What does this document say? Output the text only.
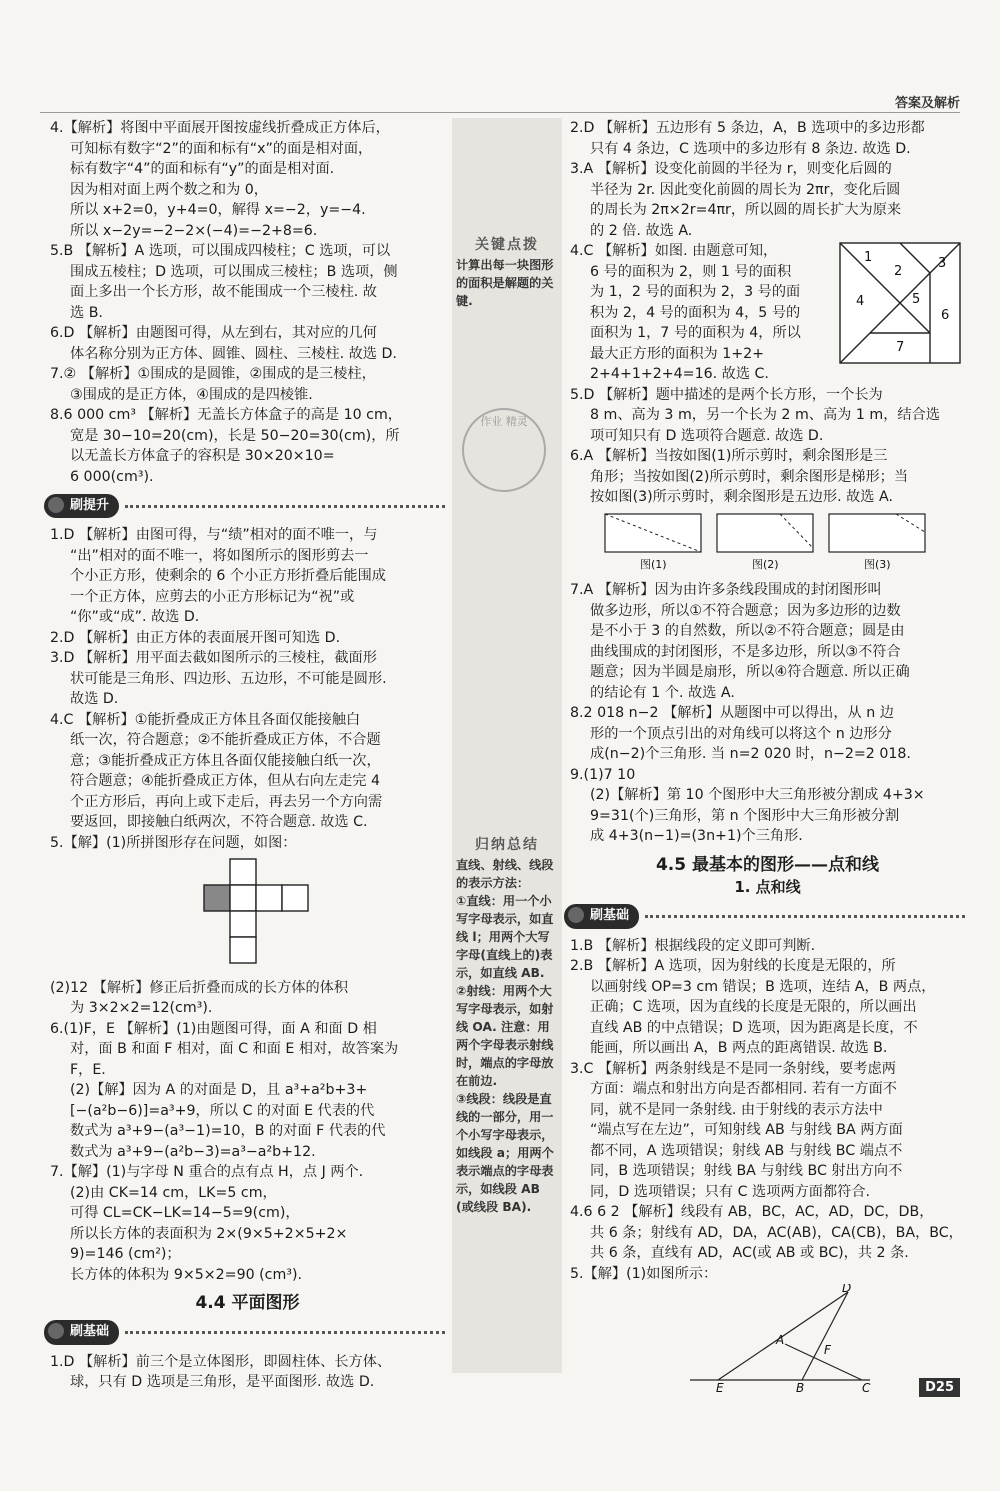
答案及解析
4.【解析】将图中平面展开图按虚线折叠成正方体后，
可知标有数字“2”的面和标有“x”的面是相对面，
标有数字“4”的面和标有“y”的面是相对面.
因为相对面上两个数之和为 0，
所以 x+2=0，y+4=0，解得 x=−2，y=−4.
所以 x−2y=−2−2×(−4)=−2+8=6.
5.B 【解析】A 选项，可以围成四棱柱；C 选项，可以
围成五棱柱；D 选项，可以围成三棱柱；B 选项，侧
面上多出一个长方形，故不能围成一个三棱柱. 故
选 B.
6.D 【解析】由题图可得，从左到右，其对应的几何
体名称分别为正方体、圆锥、圆柱、三棱柱. 故选 D.
7.② 【解析】①围成的是圆锥，②围成的是三棱柱，
③围成的是正方体，④围成的是四棱锥.
8.6 000 cm³ 【解析】无盖长方体盒子的高是 10 cm，
宽是 30−10=20(cm)，长是 50−20=30(cm)，所
以无盖长方体盒子的容积是 30×20×10=
6 000(cm³).
刷提升
1.D 【解析】由图可得，与“绩”相对的面不唯一，与
“出”相对的面不唯一，将如图所示的图形剪去一
个小正方形，使剩余的 6 个小正方形折叠后能围成
一个正方体，应剪去的小正方形标记为“祝”或
“你”或“成”. 故选 D.
2.D 【解析】由正方体的表面展开图可知选 D.
3.D 【解析】用平面去截如图所示的三棱柱，截面形
状可能是三角形、四边形、五边形，不可能是圆形.
故选 D.
4.C 【解析】①能折叠成正方体且各面仅能接触白
纸一次，符合题意；②不能折叠成正方体，不合题
意；③能折叠成正方体且各面仅能接触白纸一次，
符合题意；④能折叠成正方体，但从右向左走完 4
个正方形后，再向上或下走后，再去另一个方向需
要返回，即接触白纸两次，不符合题意. 故选 C.
5.【解】(1)所拼图形存在问题，如图：
(2)12 【解析】修正后折叠而成的长方体的体积
为 3×2×2=12(cm³).
6.(1)F，E 【解析】(1)由题图可得，面 A 和面 D 相
对，面 B 和面 F 相对，面 C 和面 E 相对，故答案为
F，E.
(2)【解】因为 A 的对面是 D，且 a³+a²b+3+
[−(a²b−6)]=a³+9，所以 C 的对面 E 代表的代
数式为 a³+9−(a³−1)=10，B 的对面 F 代表的代
数式为 a³+9−(a²b−3)=a³−a²b+12.
7.【解】(1)与字母 N 重合的点有点 H，点 J 两个.
(2)由 CK=14 cm，LK=5 cm，
可得 CL=CK−LK=14−5=9(cm)，
所以长方体的表面积为 2×(9×5+2×5+2×
9)=146 (cm²)；
长方体的体积为 9×5×2=90 (cm³).
4.4 平面图形
刷基础
1.D 【解析】前三个是立体图形，即圆柱体、长方体、
球，只有 D 选项是三角形，是平面图形. 故选 D.
关键点拨
计算出每一块图形的面积是解题的关键.
作业 精灵
归纳总结
直线、射线、线段的表示方法：
①直线：用一个小写字母表示，如直线 l；用两个大写字母(直线上的)表示，如直线 AB.
②射线：用两个大写字母表示，如射线 OA. 注意：用两个字母表示射线时，端点的字母放在前边.
③线段：线段是直线的一部分，用一个小写字母表示，如线段 a；用两个表示端点的字母表示，如线段 AB (或线段 BA).
2.D 【解析】五边形有 5 条边，A，B 选项中的多边形都
只有 4 条边，C 选项中的多边形有 8 条边. 故选 D.
3.A 【解析】设变化前圆的半径为 r，则变化后圆的
半径为 2r. 因此变化前圆的周长为 2πr，变化后圆
的周长为 2π×2r=4πr，所以圆的周长扩大为原来
的 2 倍. 故选 A.
4.C 【解析】如图. 由题意可知，
6 号的面积为 2，则 1 号的面积
为 1，2 号的面积为 2，3 号的面
积为 2，4 号的面积为 4，5 号的
面积为 1，7 号的面积为 4，所以
最大正方形的面积为 1+2+
2+4+1+2+4=16. 故选 C.
1
2
3
4	5
6
7
5.D 【解析】题中描述的是两个长方形，一个长为
8 m、高为 3 m，另一个长为 2 m、高为 1 m，结合选
项可知只有 D 选项符合题意. 故选 D.
6.A 【解析】当按如图(1)所示剪时，剩余图形是三
角形；当按如图(2)所示剪时，剩余图形是梯形；当
按如图(3)所示剪时，剩余图形是五边形. 故选 A.
图(1)	图(2)	图(3)
7.A 【解析】因为由许多条线段围成的封闭图形叫
做多边形，所以①不符合题意；因为多边形的边数
是不小于 3 的自然数，所以②不符合题意；圆是由
曲线围成的封闭图形，不是多边形，所以③不符合
题意；因为半圆是扇形，所以④符合题意. 所以正确
的结论有 1 个. 故选 A.
8.2 018 n−2 【解析】从题图中可以得出，从 n 边
形的一个顶点引出的对角线可以将这个 n 边形分
成(n−2)个三角形. 当 n=2 020 时，n−2=2 018.
9.(1)7 10
(2)【解析】第 10 个图形中大三角形被分割成 4+3×
9=31(个)三角形，第 n 个图形中大三角形被分割
成 4+3(n−1)=(3n+1)个三角形.
4.5 最基本的图形——点和线
1. 点和线
刷基础
1.B 【解析】根据线段的定义即可判断.
2.B 【解析】A 选项，因为射线的长度是无限的，所
以画射线 OP=3 cm 错误；B 选项，连结 A，B 两点，
正确；C 选项，因为直线的长度是无限的，所以画出
直线 AB 的中点错误；D 选项，因为距离是长度，不
能画，所以画出 A，B 两点的距离错误. 故选 B.
3.C 【解析】两条射线是不是同一条射线，要考虑两
方面：端点和射出方向是否都相同. 若有一方面不
同，就不是同一条射线. 由于射线的表示方法中
“端点写在左边”，可知射线 AB 与射线 BA 两方面
都不同，A 选项错误；射线 AB 与射线 BC 端点不
同，B 选项错误；射线 BA 与射线 BC 射出方向不
同，D 选项错误；只有 C 选项两方面都符合.
4.6 6 2 【解析】线段有 AB，BC，AC，AD，DC，DB，
共 6 条；射线有 AD，DA，AC(AB)，CA(CB)，BA，BC，
共 6 条，直线有 AD，AC(或 AB 或 BC)，共 2 条.
5.【解】(1)如图所示：
D
A
F
E	B	C	D25
